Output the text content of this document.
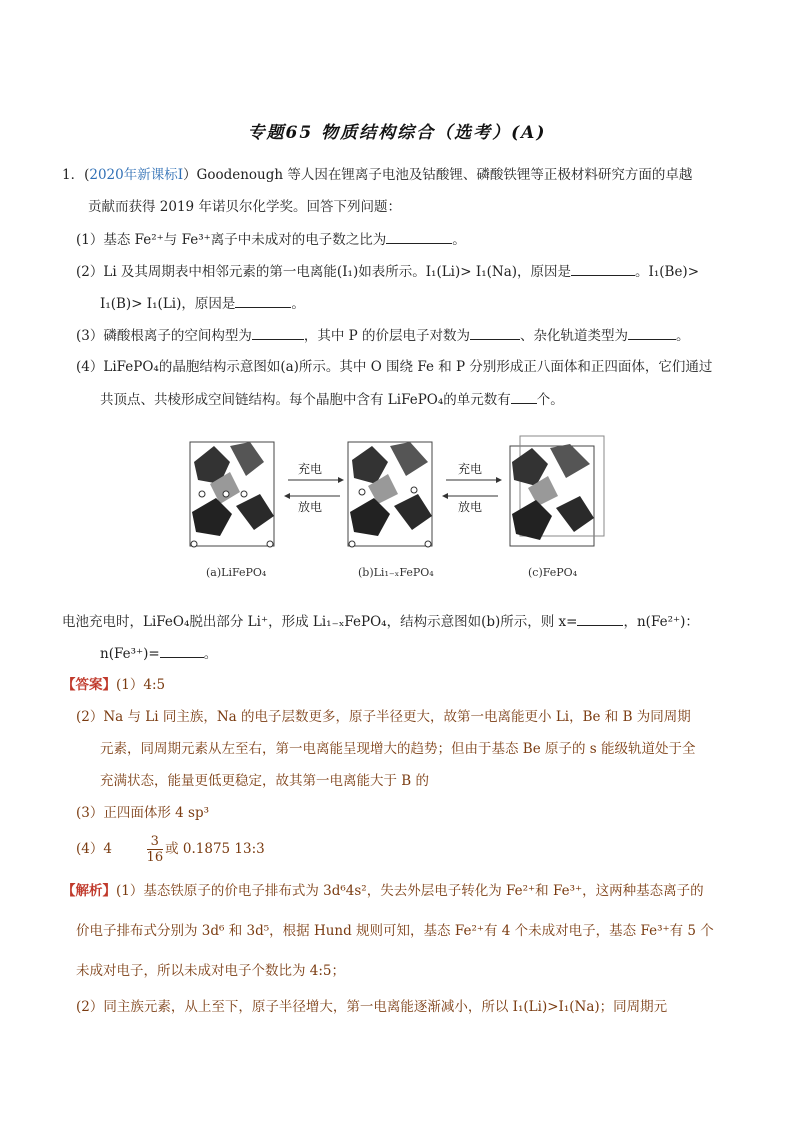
专题65 物质结构综合（选考）(A)
1．(2020年新课标Ⅰ）Goodenough 等人因在锂离子电池及钴酸锂、磷酸铁锂等正极材料研究方面的卓越
贡献而获得 2019 年诺贝尔化学奖。回答下列问题：
(1）基态 Fe²⁺与 Fe³⁺离子中未成对的电子数之比为	。
(2）Li 及其周期表中相邻元素的第一电离能(I₁)如表所示。I₁(Li)> I₁(Na)，原因是	。I₁(Be)>
I₁(B)> I₁(Li)，原因是	。
(3）磷酸根离子的空间构型为	，其中 P 的价层电子对数为	、杂化轨道类型为	。
(4）LiFePO₄的晶胞结构示意图如(a)所示。其中 O 围绕 Fe 和 P 分别形成正八面体和正四面体，它们通过
共顶点、共棱形成空间链结构。每个晶胞中含有 LiFePO₄的单元数有 个。
充电
放电
充电
放电
(a)LiFePO₄	(b)Li₁₋ₓFePO₄	(c)FePO₄
电池充电时，LiFeO₄脱出部分 Li⁺，形成 Li₁₋ₓFePO₄，结构示意图如(b)所示，则 x=	，n(Fe²⁺)：
n(Fe³⁺)=	。
【答案】(1）4:5
(2）Na 与 Li 同主族，Na 的电子层数更多，原子半径更大，故第一电离能更小 Li，Be 和 B 为同周期
元素，同周期元素从左至右，第一电离能呈现增大的趋势；但由于基态 Be 原子的 s 能级轨道处于全
充满状态，能量更低更稳定，故其第一电离能大于 B 的
(3）正四面体形 4 sp³
(4）4	$\frac{3}{16}$ 或 0.1875 13:3
【解析】(1）基态铁原子的价电子排布式为 3d⁶4s²，失去外层电子转化为 Fe²⁺和 Fe³⁺，这两种基态离子的
价电子排布式分别为 3d⁶ 和 3d⁵，根据 Hund 规则可知，基态 Fe²⁺有 4 个未成对电子，基态 Fe³⁺有 5 个
未成对电子，所以未成对电子个数比为 4:5；
(2）同主族元素，从上至下，原子半径增大，第一电离能逐渐减小，所以 I₁(Li)>I₁(Na)；同周期元
